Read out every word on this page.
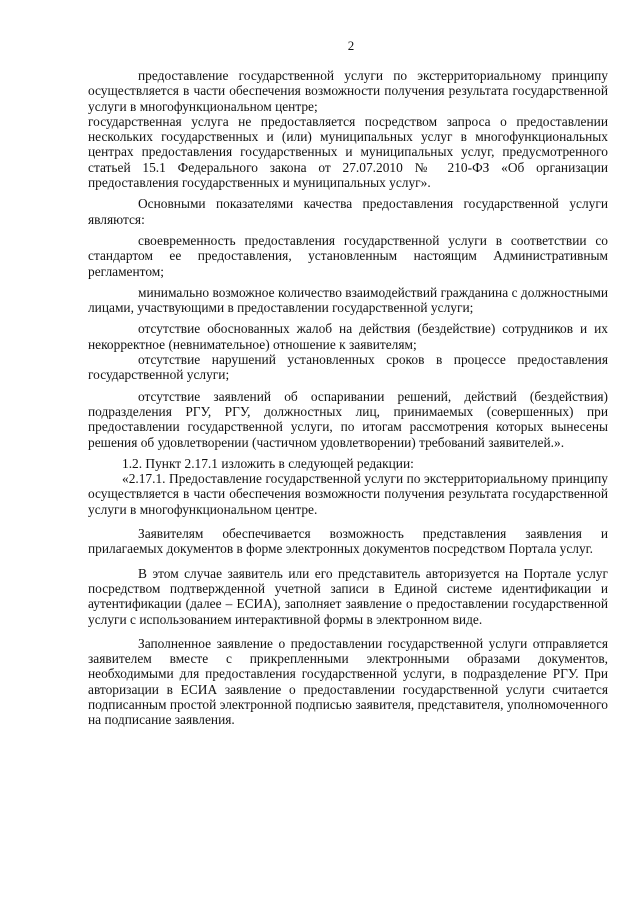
2

предоставление государственной услуги по экстерриториальному принципу осуществляется в части обеспечения возможности получения результата государственной услуги в многофункциональном центре;

государственная услуга не предоставляется посредством запроса о предоставлении нескольких государственных и (или) муниципальных услуг в многофункциональных центрах предоставления государственных и муниципальных услуг, предусмотренного статьей 15.1 Федерального закона от 27.07.2010 № 210-ФЗ «Об организации предоставления государственных и муниципальных услуг».

Основными показателями качества предоставления государственной услуги являются:

своевременность предоставления государственной услуги в соответствии со стандартом ее предоставления, установленным настоящим Административным регламентом;

минимально возможное количество взаимодействий гражданина с должностными лицами, участвующими в предоставлении государственной услуги;

отсутствие обоснованных жалоб на действия (бездействие) сотрудников и их некорректное (невнимательное) отношение к заявителям;

отсутствие нарушений установленных сроков в процессе предоставления государственной услуги;

отсутствие заявлений об оспаривании решений, действий (бездействия) подразделения РГУ, РГУ, должностных лиц, принимаемых (совершенных) при предоставлении государственной услуги, по итогам рассмотрения которых вынесены решения об удовлетворении (частичном удовлетворении) требований заявителей.».

1.2. Пункт 2.17.1 изложить в следующей редакции:

«2.17.1. Предоставление государственной услуги по экстерриториальному принципу осуществляется в части обеспечения возможности получения результата государственной услуги в многофункциональном центре.

Заявителям обеспечивается возможность представления заявления и прилагаемых документов в форме электронных документов посредством Портала услуг.

В этом случае заявитель или его представитель авторизуется на Портале услуг посредством подтвержденной учетной записи в Единой системе идентификации и аутентификации (далее – ЕСИА), заполняет заявление о предоставлении государственной услуги с использованием интерактивной формы в электронном виде.

Заполненное заявление о предоставлении государственной услуги отправляется заявителем вместе с прикрепленными электронными образами документов, необходимыми для предоставления государственной услуги, в подразделение РГУ. При авторизации в ЕСИА заявление о предоставлении государственной услуги считается подписанным простой электронной подписью заявителя, представителя, уполномоченного на подписание заявления.
